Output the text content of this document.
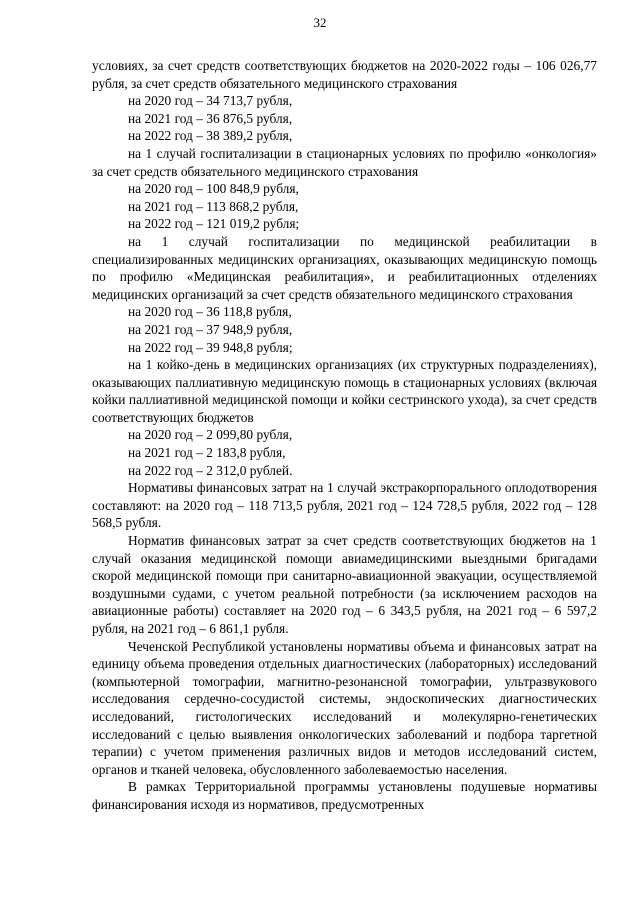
32

условиях, за счет средств соответствующих бюджетов на 2020-2022 годы – 106 026,77 рубля, за счет средств обязательного медицинского страхования

на 2020 год – 34 713,7 рубля,

на 2021 год – 36 876,5 рубля,

на 2022 год – 38 389,2 рубля,

на 1 случай госпитализации в стационарных условиях по профилю «онкология» за счет средств обязательного медицинского страхования

на 2020 год – 100 848,9 рубля,

на 2021 год – 113 868,2 рубля,

на 2022 год – 121 019,2 рубля;

на 1 случай госпитализации по медицинской реабилитации в специализированных медицинских организациях, оказывающих медицинскую помощь по профилю «Медицинская реабилитация», и реабилитационных отделениях медицинских организаций за счет средств обязательного медицинского страхования

на 2020 год – 36 118,8 рубля,

на 2021 год – 37 948,9 рубля,

на 2022 год – 39 948,8 рубля;

на 1 койко-день в медицинских организациях (их структурных подразделениях), оказывающих паллиативную медицинскую помощь в стационарных условиях (включая койки паллиативной медицинской помощи и койки сестринского ухода), за счет средств соответствующих бюджетов

на 2020 год – 2 099,80 рубля,

на 2021 год – 2 183,8 рубля,

на 2022 год – 2 312,0 рублей.

Нормативы финансовых затрат на 1 случай экстракорпорального оплодотворения составляют: на 2020 год – 118 713,5 рубля, 2021 год – 124 728,5 рубля, 2022 год – 128 568,5 рубля.

Норматив финансовых затрат за счет средств соответствующих бюджетов на 1 случай оказания медицинской помощи авиамедицинскими выездными бригадами скорой медицинской помощи при санитарно-авиационной эвакуации, осуществляемой воздушными судами, с учетом реальной потребности (за исключением расходов на авиационные работы) составляет на 2020 год – 6 343,5 рубля, на 2021 год – 6 597,2 рубля, на 2021 год – 6 861,1 рубля.

Чеченской Республикой установлены нормативы объема и финансовых затрат на единицу объема проведения отдельных диагностических (лабораторных) исследований (компьютерной томографии, магнитно-резонансной томографии, ультразвукового исследования сердечно-сосудистой системы, эндоскопических диагностических исследований, гистологических исследований и молекулярно-генетических исследований с целью выявления онкологических заболеваний и подбора таргетной терапии) с учетом применения различных видов и методов исследований систем, органов и тканей человека, обусловленного заболеваемостью населения.

В рамках Территориальной программы установлены подушевые нормативы финансирования исходя из нормативов, предусмотренных
